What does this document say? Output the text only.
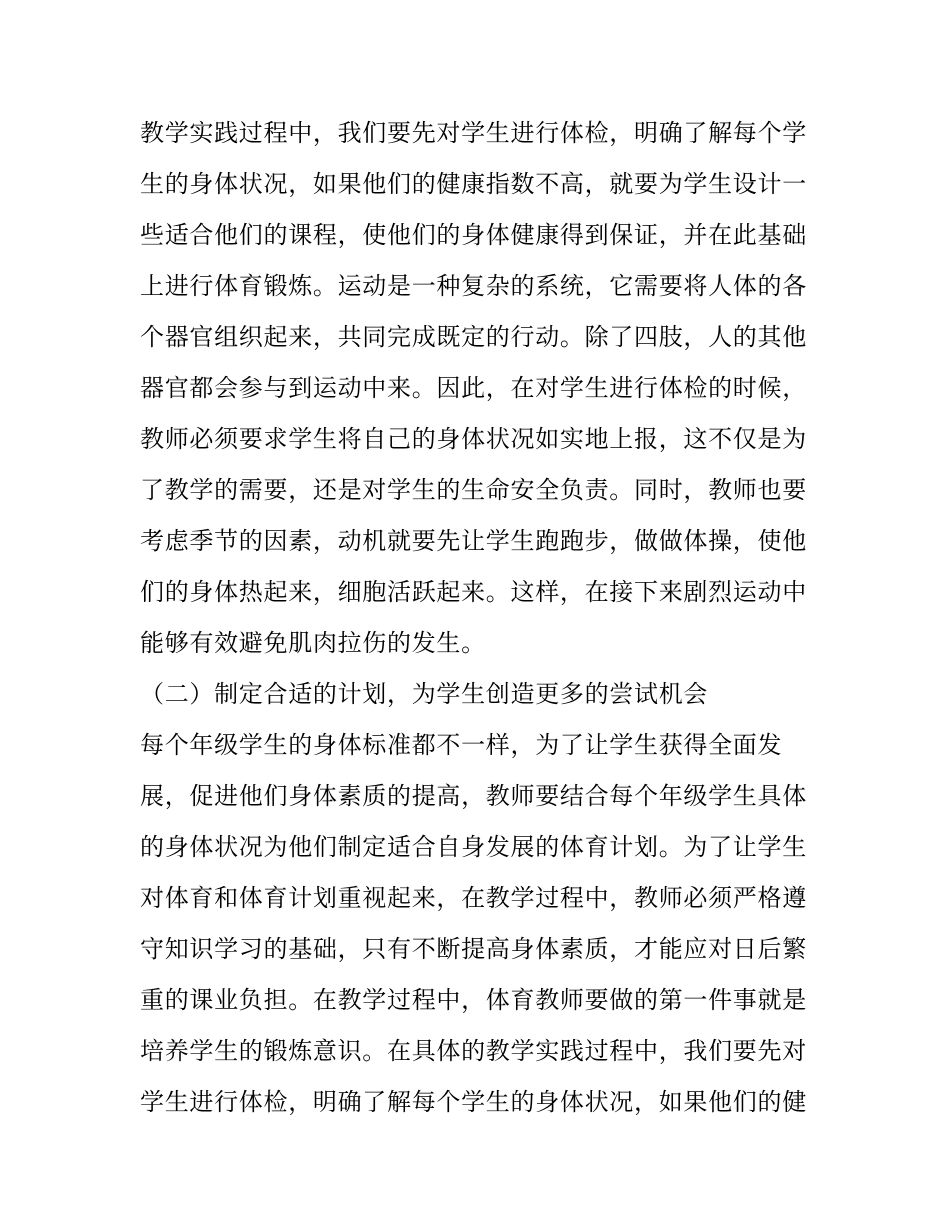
教学实践过程中，我们要先对学生进行体检，明确了解每个学
生的身体状况，如果他们的健康指数不高，就要为学生设计一
些适合他们的课程，使他们的身体健康得到保证，并在此基础
上进行体育锻炼。运动是一种复杂的系统，它需要将人体的各
个器官组织起来，共同完成既定的行动。除了四肢，人的其他
器官都会参与到运动中来。因此，在对学生进行体检的时候，
教师必须要求学生将自己的身体状况如实地上报，这不仅是为
了教学的需要，还是对学生的生命安全负责。同时，教师也要
考虑季节的因素，动机就要先让学生跑跑步，做做体操，使他
们的身体热起来，细胞活跃起来。这样，在接下来剧烈运动中
能够有效避免肌肉拉伤的发生。
（二）制定合适的计划，为学生创造更多的尝试机会
每个年级学生的身体标准都不一样，为了让学生获得全面发
展，促进他们身体素质的提高，教师要结合每个年级学生具体
的身体状况为他们制定适合自身发展的体育计划。为了让学生
对体育和体育计划重视起来，在教学过程中，教师必须严格遵
守知识学习的基础，只有不断提高身体素质，才能应对日后繁
重的课业负担。在教学过程中，体育教师要做的第一件事就是
培养学生的锻炼意识。在具体的教学实践过程中，我们要先对
学生进行体检，明确了解每个学生的身体状况，如果他们的健
